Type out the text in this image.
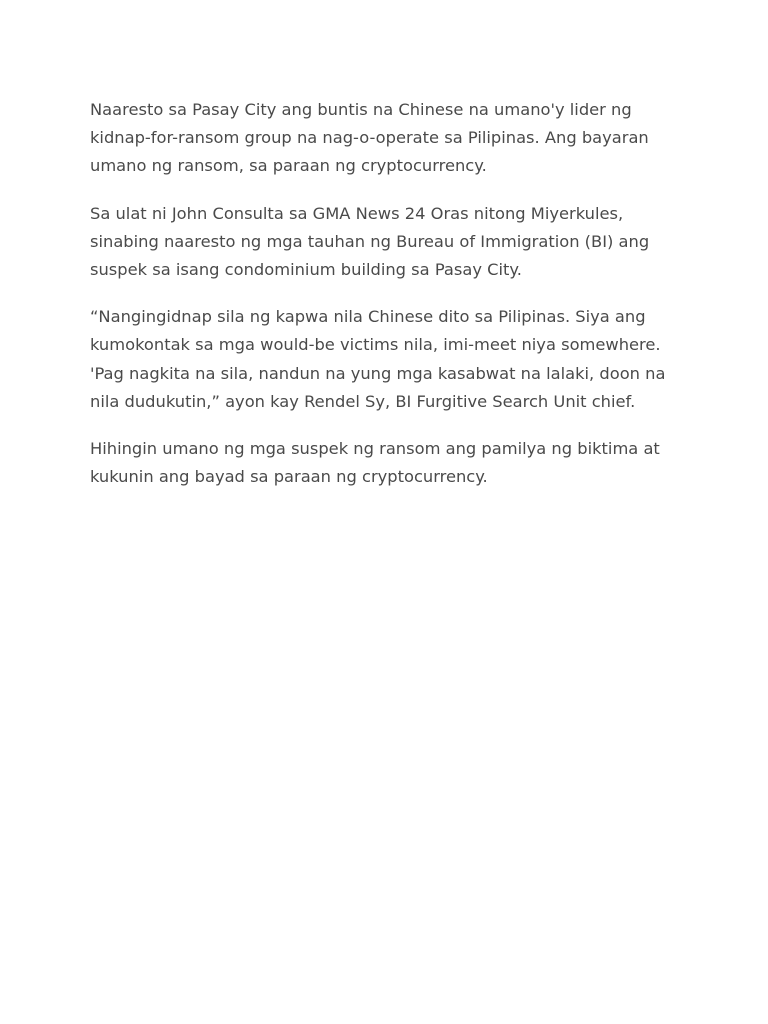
Naaresto sa Pasay City ang buntis na Chinese na umano'y lider ng kidnap-for-ransom group na nag-o-operate sa Pilipinas. Ang bayaran umano ng ransom, sa paraan ng cryptocurrency.

Sa ulat ni John Consulta sa GMA News 24 Oras nitong Miyerkules, sinabing naaresto ng mga tauhan ng Bureau of Immigration (BI) ang suspek sa isang condominium building sa Pasay City.

“Nangingidnap sila ng kapwa nila Chinese dito sa Pilipinas. Siya ang kumokontak sa mga would-be victims nila, imi-meet niya somewhere. 'Pag nagkita na sila, nandun na yung mga kasabwat na lalaki, doon na nila dudukutin,” ayon kay Rendel Sy, BI Furgitive Search Unit chief.

Hihingin umano ng mga suspek ng ransom ang pamilya ng biktima at kukunin ang bayad sa paraan ng cryptocurrency.
